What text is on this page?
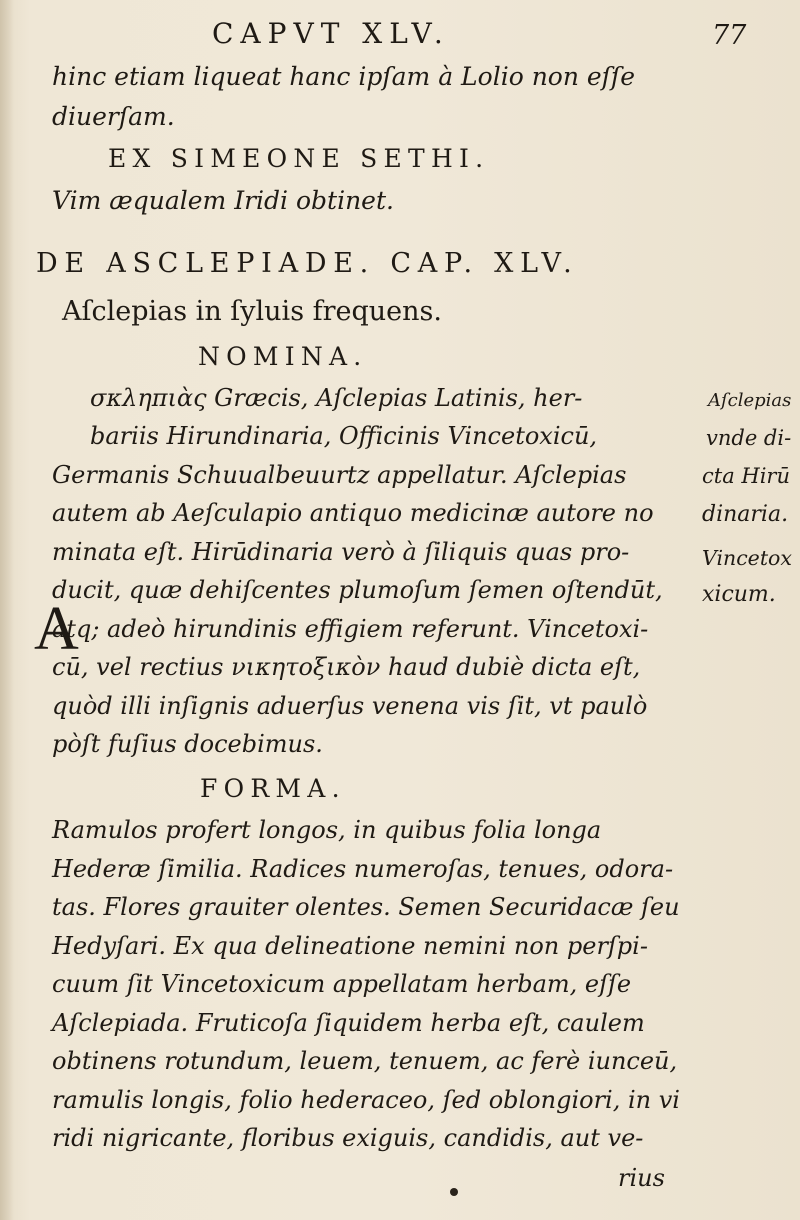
CAPVT XLV.	77
A
hinc etiam liqueat hanc ipſam à Lolio non eſſe
diuerſam.
EX SIMEONE SETHI.
Vim æqualem Iridi obtinet.
DE ASCLEPIADE. CAP. XLV.
Aſclepias in ſyluis frequens.
NOMINA.
σκληπιὰς Græcis, Aſclepias Latinis, her-
bariis Hirundinaria, Officinis Vincetoxicū,
Germanis Schuualbeuurtz appellatur. Aſclepias
autem ab Aeſculapio antiquo medicinæ autore no
minata eſt. Hirūdinaria verò à ſiliquis quas pro-
ducit, quæ dehiſcentes plumoſum ſemen oſtendūt,
atq; adeò hirundinis effigiem referunt. Vincetoxi-
cū, vel rectius νικητοξικὸν haud dubiè dicta eſt,
quòd illi inſignis aduerſus venena vis ſit, vt paulò
pòſt fuſius docebimus.
FORMA.
Ramulos profert longos, in quibus folia longa
Hederæ ſimilia. Radices numeroſas, tenues, odora-
tas. Flores grauiter olentes. Semen Securidacæ ſeu
Hedyſari. Ex qua delineatione nemini non perſpi-
cuum ſit Vincetoxicum appellatam herbam, eſſe
Aſclepiada. Fruticoſa ſiquidem herba eſt, caulem
obtinens rotundum, leuem, tenuem, ac ferè iunceū,
ramulis longis, folio hederaceo, ſed oblongiori, in vi
ridi nigricante, floribus exiguis, candidis, aut ve-
rius
Aſclepias
vnde di-
cta Hirū
dinaria.
Vincetox
xicum.
